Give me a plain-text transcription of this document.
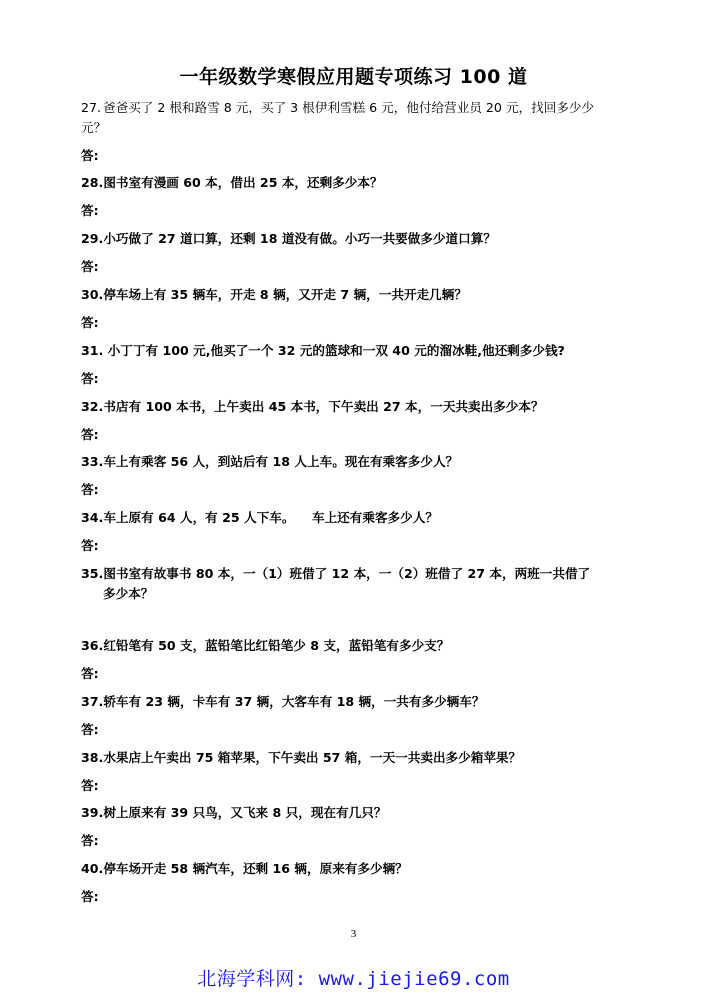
一年级数学寒假应用题专项练习 100 道
27. 爸爸买了 2 根和路雪 8 元，买了 3 根伊利雪糕 6 元，他付给营业员 20 元，找回多少少
元？
答:
28.图书室有漫画 60 本，借出 25 本，还剩多少本？
答:
29.小巧做了 27 道口算，还剩 18 道没有做。小巧一共要做多少道口算？
答:
30.停车场上有 35 辆车，开走 8 辆，又开走 7 辆，一共开走几辆？
答:
31. 小丁丁有 100 元,他买了一个 32 元的篮球和一双 40 元的溜冰鞋,他还剩多少钱?
答:
32.书店有 100 本书，上午卖出 45 本书，下午卖出 27 本，一天共卖出多少本？
答:
33.车上有乘客 56 人，到站后有 18 人上车。现在有乘客多少人？
答:
34.车上原有 64 人，有 25 人下车。    车上还有乘客多少人？
答:
35.图书室有故事书 80 本，一（1）班借了 12 本，一（2）班借了 27 本，两班一共借了
多少本？
36.红铅笔有 50 支，蓝铅笔比红铅笔少 8 支，蓝铅笔有多少支？
答:
37.轿车有 23 辆，卡车有 37 辆，大客车有 18 辆，一共有多少辆车？
答:
38.水果店上午卖出 75 箱苹果，下午卖出 57 箱，一天一共卖出多少箱苹果？
答:
39.树上原来有 39 只鸟，又飞来 8 只，现在有几只？
答:
40.停车场开走 58 辆汽车，还剩 16 辆，原来有多少辆？
答:
3
北海学科网: www.jiejie69.com
